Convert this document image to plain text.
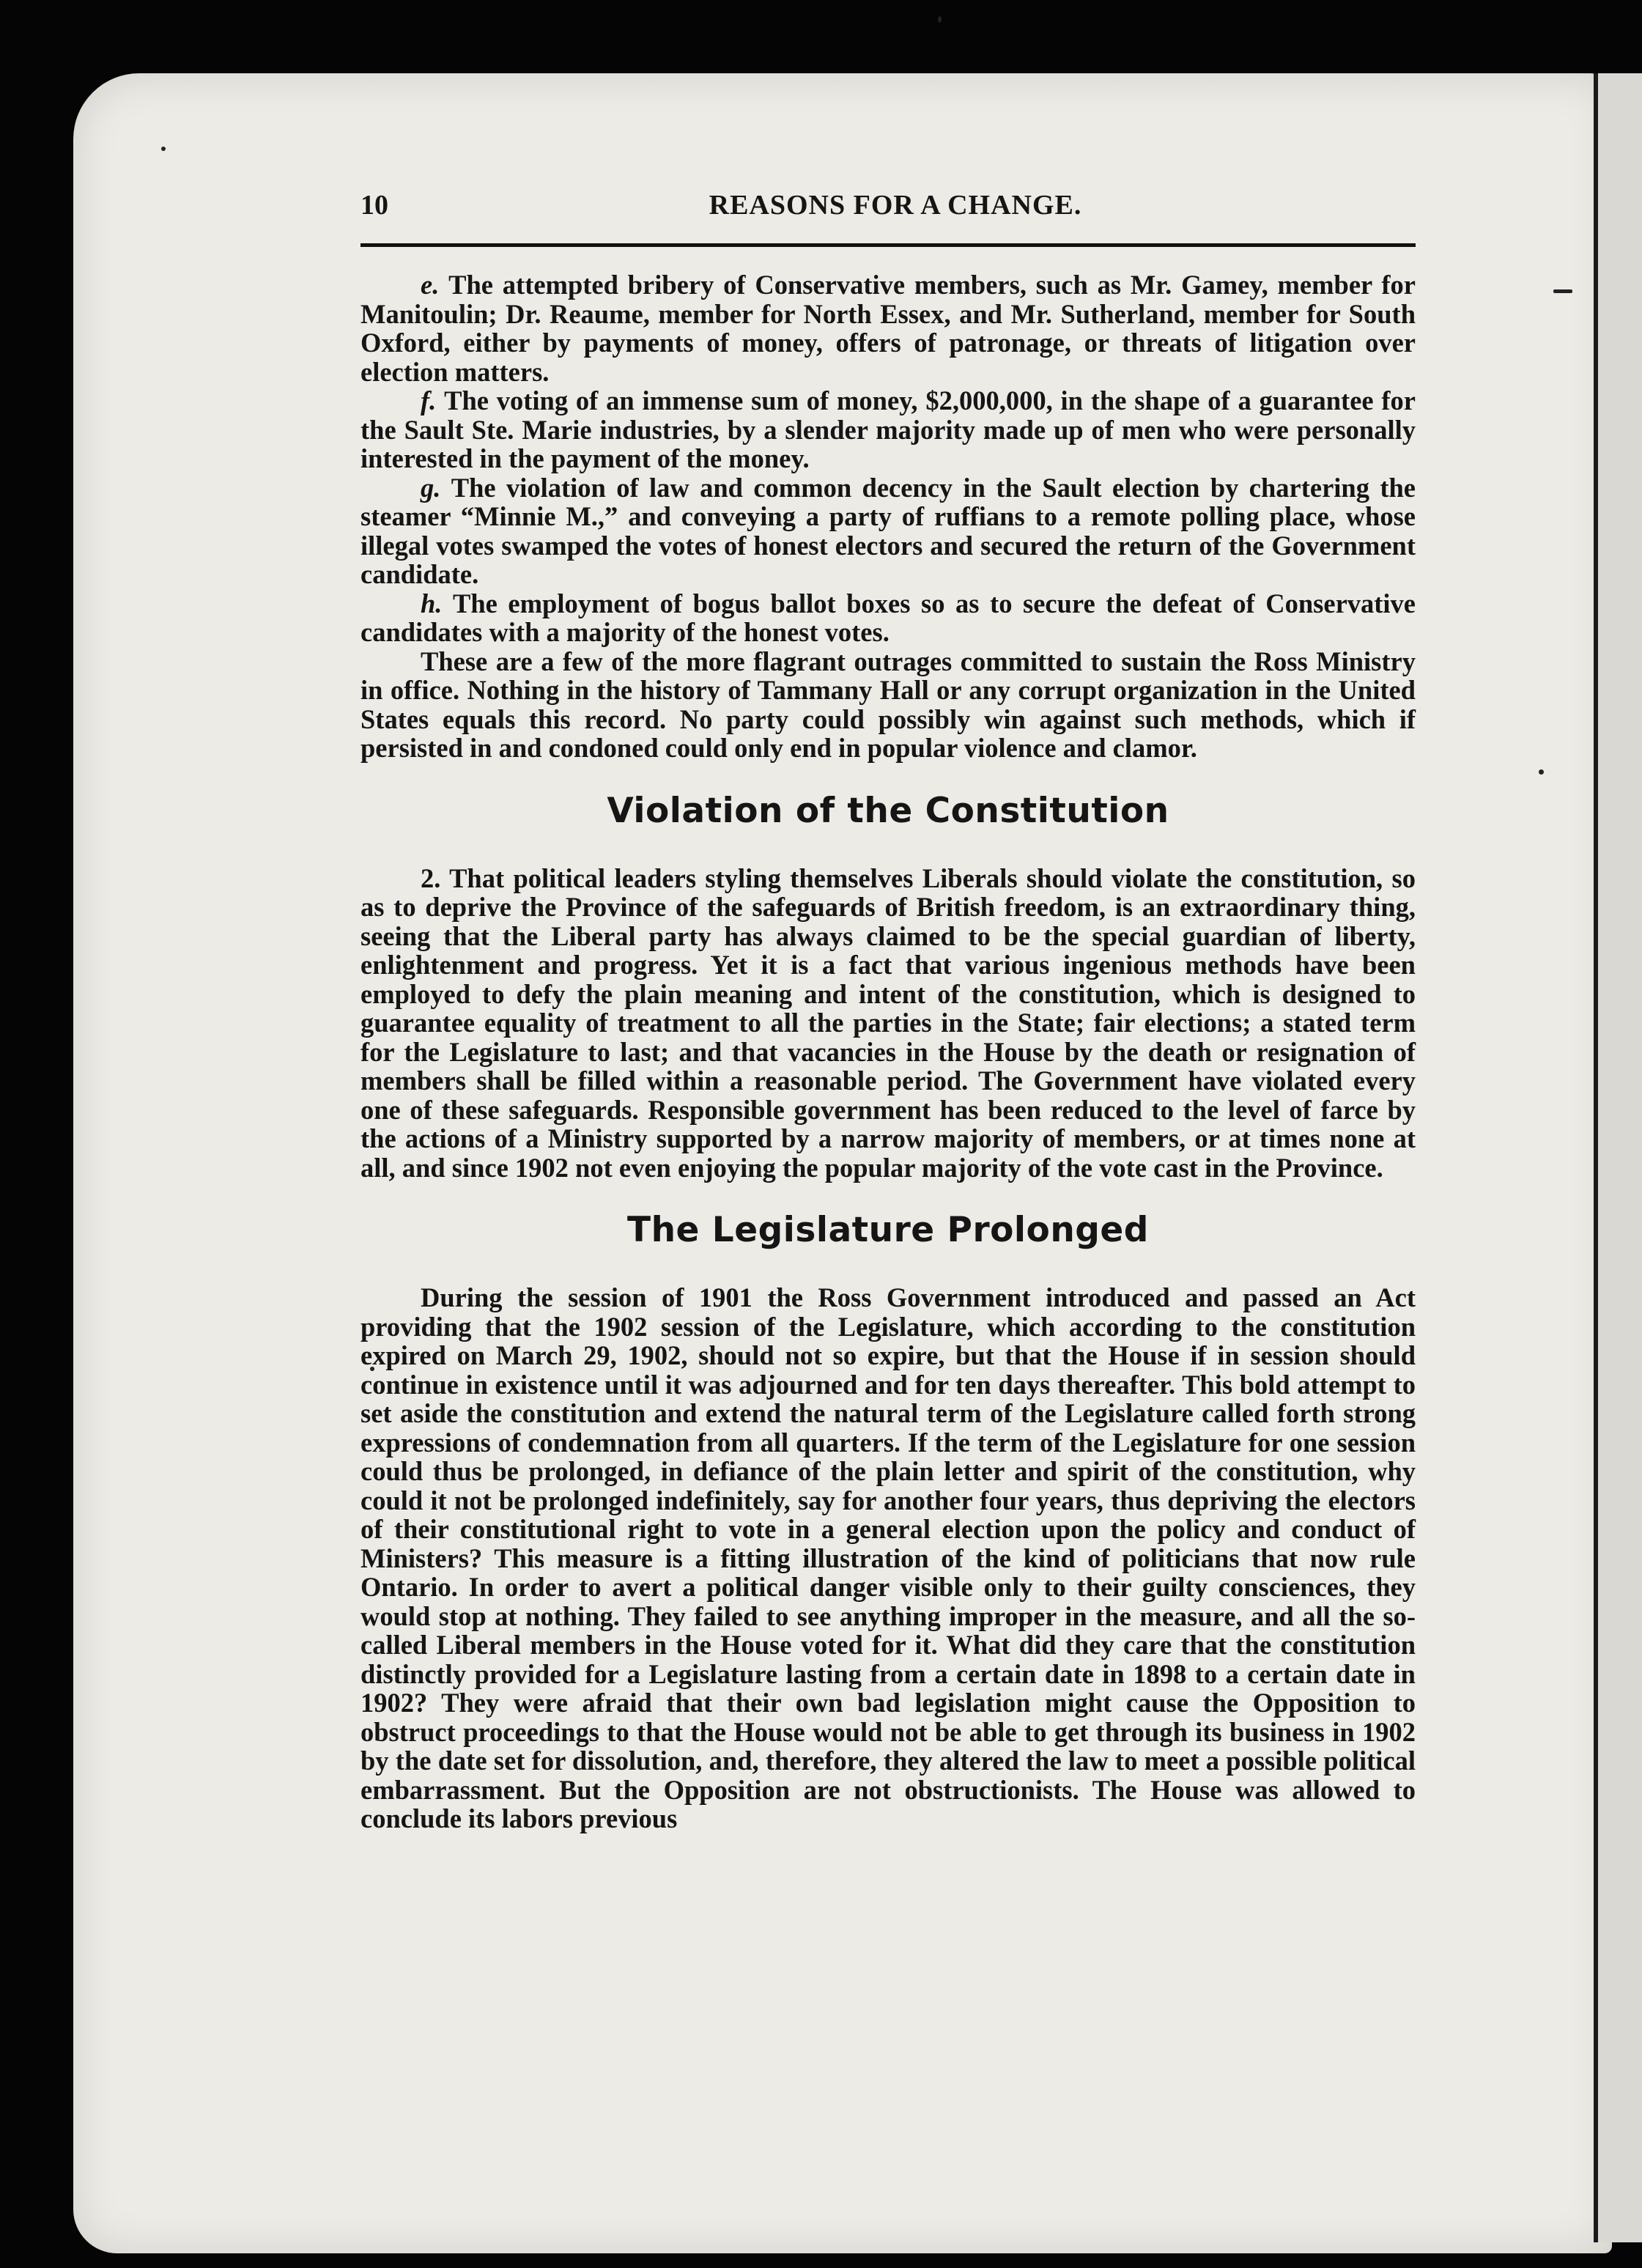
10	REASONS FOR A CHANGE.

e. The attempted bribery of Conservative members, such as Mr. Gamey, member for Manitoulin; Dr. Reaume, member for North Essex, and Mr. Sutherland, member for South Oxford, either by payments of money, offers of patronage, or threats of litigation over election matters.

f. The voting of an immense sum of money, $2,000,000, in the shape of a guarantee for the Sault Ste. Marie industries, by a slender majority made up of men who were personally interested in the payment of the money.

g. The violation of law and common decency in the Sault election by chartering the steamer “Minnie M.,” and conveying a party of ruffians to a remote polling place, whose illegal votes swamped the votes of honest electors and secured the return of the Government candidate.

h. The employment of bogus ballot boxes so as to secure the defeat of Conservative candidates with a majority of the honest votes.

These are a few of the more flagrant outrages committed to sustain the Ross Ministry in office. Nothing in the history of Tammany Hall or any corrupt organization in the United States equals this record. No party could possibly win against such methods, which if persisted in and condoned could only end in popular violence and clamor.

Violation of the Constitution

2. That political leaders styling themselves Liberals should violate the constitution, so as to deprive the Province of the safeguards of British freedom, is an extraordinary thing, seeing that the Liberal party has always claimed to be the special guardian of liberty, enlightenment and progress. Yet it is a fact that various ingenious methods have been employed to defy the plain meaning and intent of the constitution, which is designed to guarantee equality of treatment to all the parties in the State; fair elections; a stated term for the Legislature to last; and that vacancies in the House by the death or resignation of members shall be filled within a reasonable period. The Government have violated every one of these safeguards. Responsible government has been reduced to the level of farce by the actions of a Ministry supported by a narrow majority of members, or at times none at all, and since 1902 not even enjoying the popular majority of the vote cast in the Province.

The Legislature Prolonged

During the session of 1901 the Ross Government introduced and passed an Act providing that the 1902 session of the Legislature, which according to the constitution expired on March 29, 1902, should not so expire, but that the House if in session should continue in existence until it was adjourned and for ten days thereafter. This bold attempt to set aside the constitution and extend the natural term of the Legislature called forth strong expressions of condemnation from all quarters. If the term of the Legislature for one session could thus be prolonged, in defiance of the plain letter and spirit of the constitution, why could it not be prolonged indefinitely, say for another four years, thus depriving the electors of their constitutional right to vote in a general election upon the policy and conduct of Ministers? This measure is a fitting illustration of the kind of politicians that now rule Ontario. In order to avert a political danger visible only to their guilty consciences, they would stop at nothing. They failed to see anything improper in the measure, and all the so-called Liberal members in the House voted for it. What did they care that the constitution distinctly provided for a Legislature lasting from a certain date in 1898 to a certain date in 1902? They were afraid that their own bad legislation might cause the Opposition to obstruct proceedings to that the House would not be able to get through its business in 1902 by the date set for dissolution, and, therefore, they altered the law to meet a possible political embarrassment. But the Opposition are not obstructionists. The House was allowed to conclude its labors previous
